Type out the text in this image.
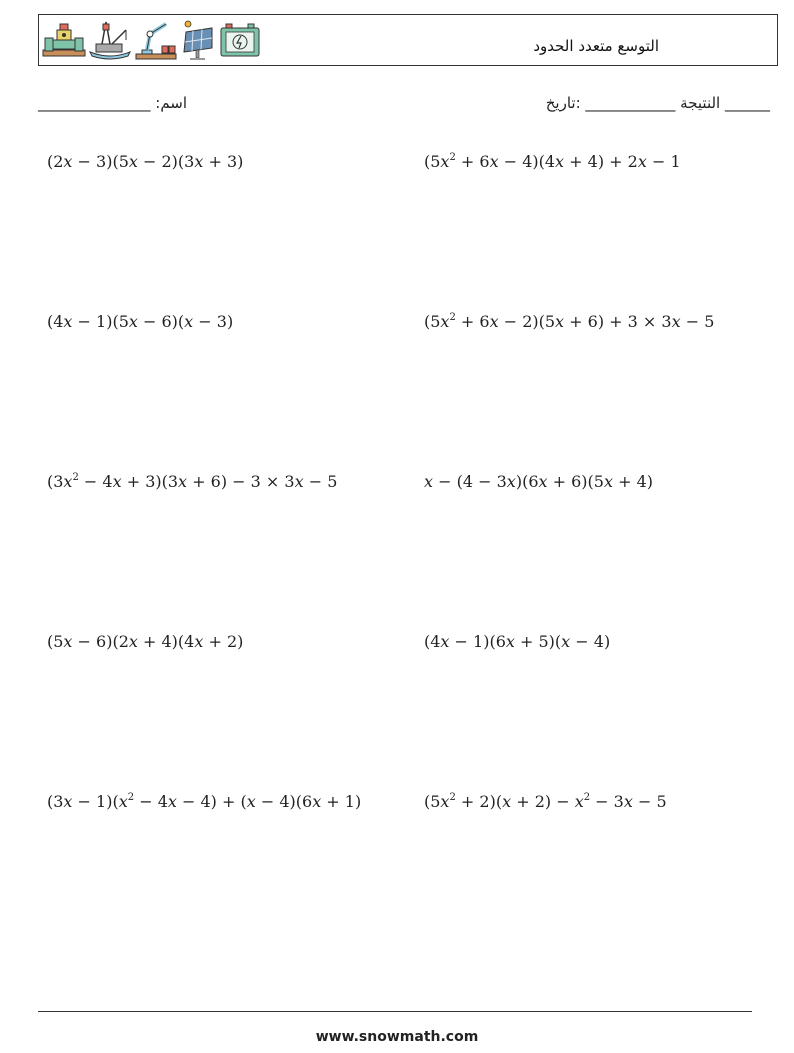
التوسع متعدد الحدود
_______________ :اسم	النتيجة ____________ :تاريخ ______
(2x − 3)(5x − 2)(3x + 3)	$(5x^2 + 6x - 4)(4x + 4) + 2x - 1$
(4x − 1)(5x − 6)(x − 3)	$(5x^2 + 6x - 2)(5x + 6) + 3 \times 3x - 5$
$(3x^2 - 4x + 3)(3x + 6) - 3 \times 3x - 5$	x − (4 − 3x)(6x + 6)(5x + 4)
(5x − 6)(2x + 4)(4x + 2)	(4x − 1)(6x + 5)(x − 4)
$(3x - 1)(x^2 - 4x - 4) + (x - 4)(6x + 1)$	$(5x^2 + 2)(x + 2) - x^2 - 3x - 5$
www.snowmath.com
